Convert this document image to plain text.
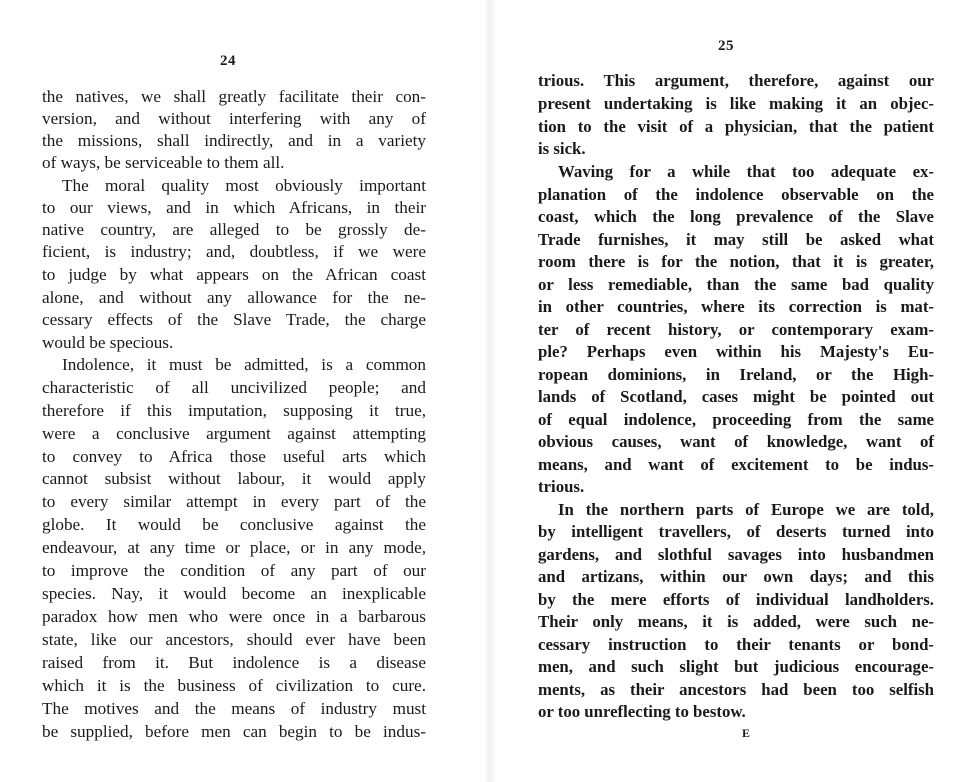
24
the natives, we shall greatly facilitate their con-
version, and without interfering with any of
the missions, shall indirectly, and in a variety
of ways, be serviceable to them all.
The moral quality most obviously important
to our views, and in which Africans, in their
native country, are alleged to be grossly de-
ficient, is industry; and, doubtless, if we were
to judge by what appears on the African coast
alone, and without any allowance for the ne-
cessary effects of the Slave Trade, the charge
would be specious.
Indolence, it must be admitted, is a common
characteristic of all uncivilized people; and
therefore if this imputation, supposing it true,
were a conclusive argument against attempting
to convey to Africa those useful arts which
cannot subsist without labour, it would apply
to every similar attempt in every part of the
globe. It would be conclusive against the
endeavour, at any time or place, or in any mode,
to improve the condition of any part of our
species. Nay, it would become an inexplicable
paradox how men who were once in a barbarous
state, like our ancestors, should ever have been
raised from it. But indolence is a disease
which it is the business of civilization to cure.
The motives and the means of industry must
be supplied, before men can begin to be indus-
25
trious. This argument, therefore, against our
present undertaking is like making it an objec-
tion to the visit of a physician, that the patient
is sick.
Waving for a while that too adequate ex-
planation of the indolence observable on the
coast, which the long prevalence of the Slave
Trade furnishes, it may still be asked what
room there is for the notion, that it is greater,
or less remediable, than the same bad quality
in other countries, where its correction is mat-
ter of recent history, or contemporary exam-
ple? Perhaps even within his Majesty's Eu-
ropean dominions, in Ireland, or the High-
lands of Scotland, cases might be pointed out
of equal indolence, proceeding from the same
obvious causes, want of knowledge, want of
means, and want of excitement to be indus-
trious.
In the northern parts of Europe we are told,
by intelligent travellers, of deserts turned into
gardens, and slothful savages into husbandmen
and artizans, within our own days; and this
by the mere efforts of individual landholders.
Their only means, it is added, were such ne-
cessary instruction to their tenants or bond-
men, and such slight but judicious encourage-
ments, as their ancestors had been too selfish
or too unreflecting to bestow.
E
